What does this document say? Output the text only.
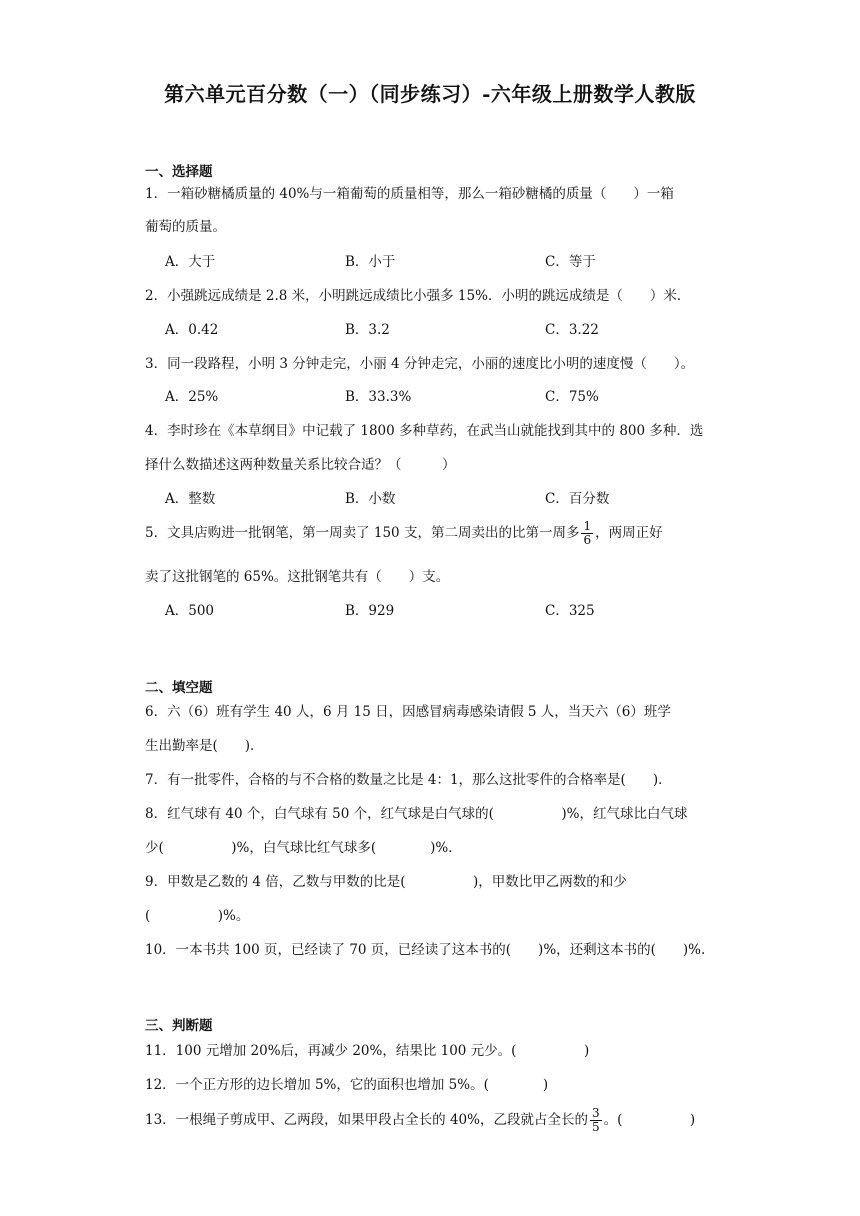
第六单元百分数（一）（同步练习）-六年级上册数学人教版
一、选择题
1．一箱砂糖橘质量的 40%与一箱葡萄的质量相等，那么一箱砂糖橘的质量（　　）一箱
葡萄的质量。
A．大于	B．小于	C．等于
2．小强跳远成绩是 2.8 米，小明跳远成绩比小强多 15%．小明的跳远成绩是（　　）米．
A．0.42	B．3.2	C．3.22
3．同一段路程，小明 3 分钟走完，小丽 4 分钟走完，小丽的速度比小明的速度慢（　　）。
A．25%	B．33.3%	C．75%
4．李时珍在《本草纲目》中记载了 1800 多种草药，在武当山就能找到其中的 800 多种．选
择什么数描述这两种数量关系比较合适？（　　　）
A．整数	B．小数	C．百分数
5．文具店购进一批钢笔，第一周卖了 150 支，第二周卖出的比第一周多 $\frac{1}{6}$ ，两周正好
卖了这批钢笔的 65%。这批钢笔共有（　　）支。
A．500	B．929	C．325
二、填空题
6．六（6）班有学生 40 人，6 月 15 日，因感冒病毒感染请假 5 人，当天六（6）班学
生出勤率是(　　)．
7．有一批零件，合格的与不合格的数量之比是 4：1，那么这批零件的合格率是(　　)．
8．红气球有 40 个，白气球有 50 个，红气球是白气球的(　　　　　)%，红气球比白气球
少(　　　　　)%，白气球比红气球多(　　　　)%．
9．甲数是乙数的 4 倍，乙数与甲数的比是(　　　　　)，甲数比甲乙两数的和少
(　　　　　)%。
10．一本书共 100 页，已经读了 70 页，已经读了这本书的(　　)%，还剩这本书的(　　)%.
三、判断题
11．100 元增加 20%后，再减少 20%，结果比 100 元少。(　　　　　)
12．一个正方形的边长增加 5%，它的面积也增加 5%。(　　　　)
13．一根绳子剪成甲、乙两段，如果甲段占全长的 40%，乙段就占全长的 $\frac{3}{5}$ 。(　　　　　)
